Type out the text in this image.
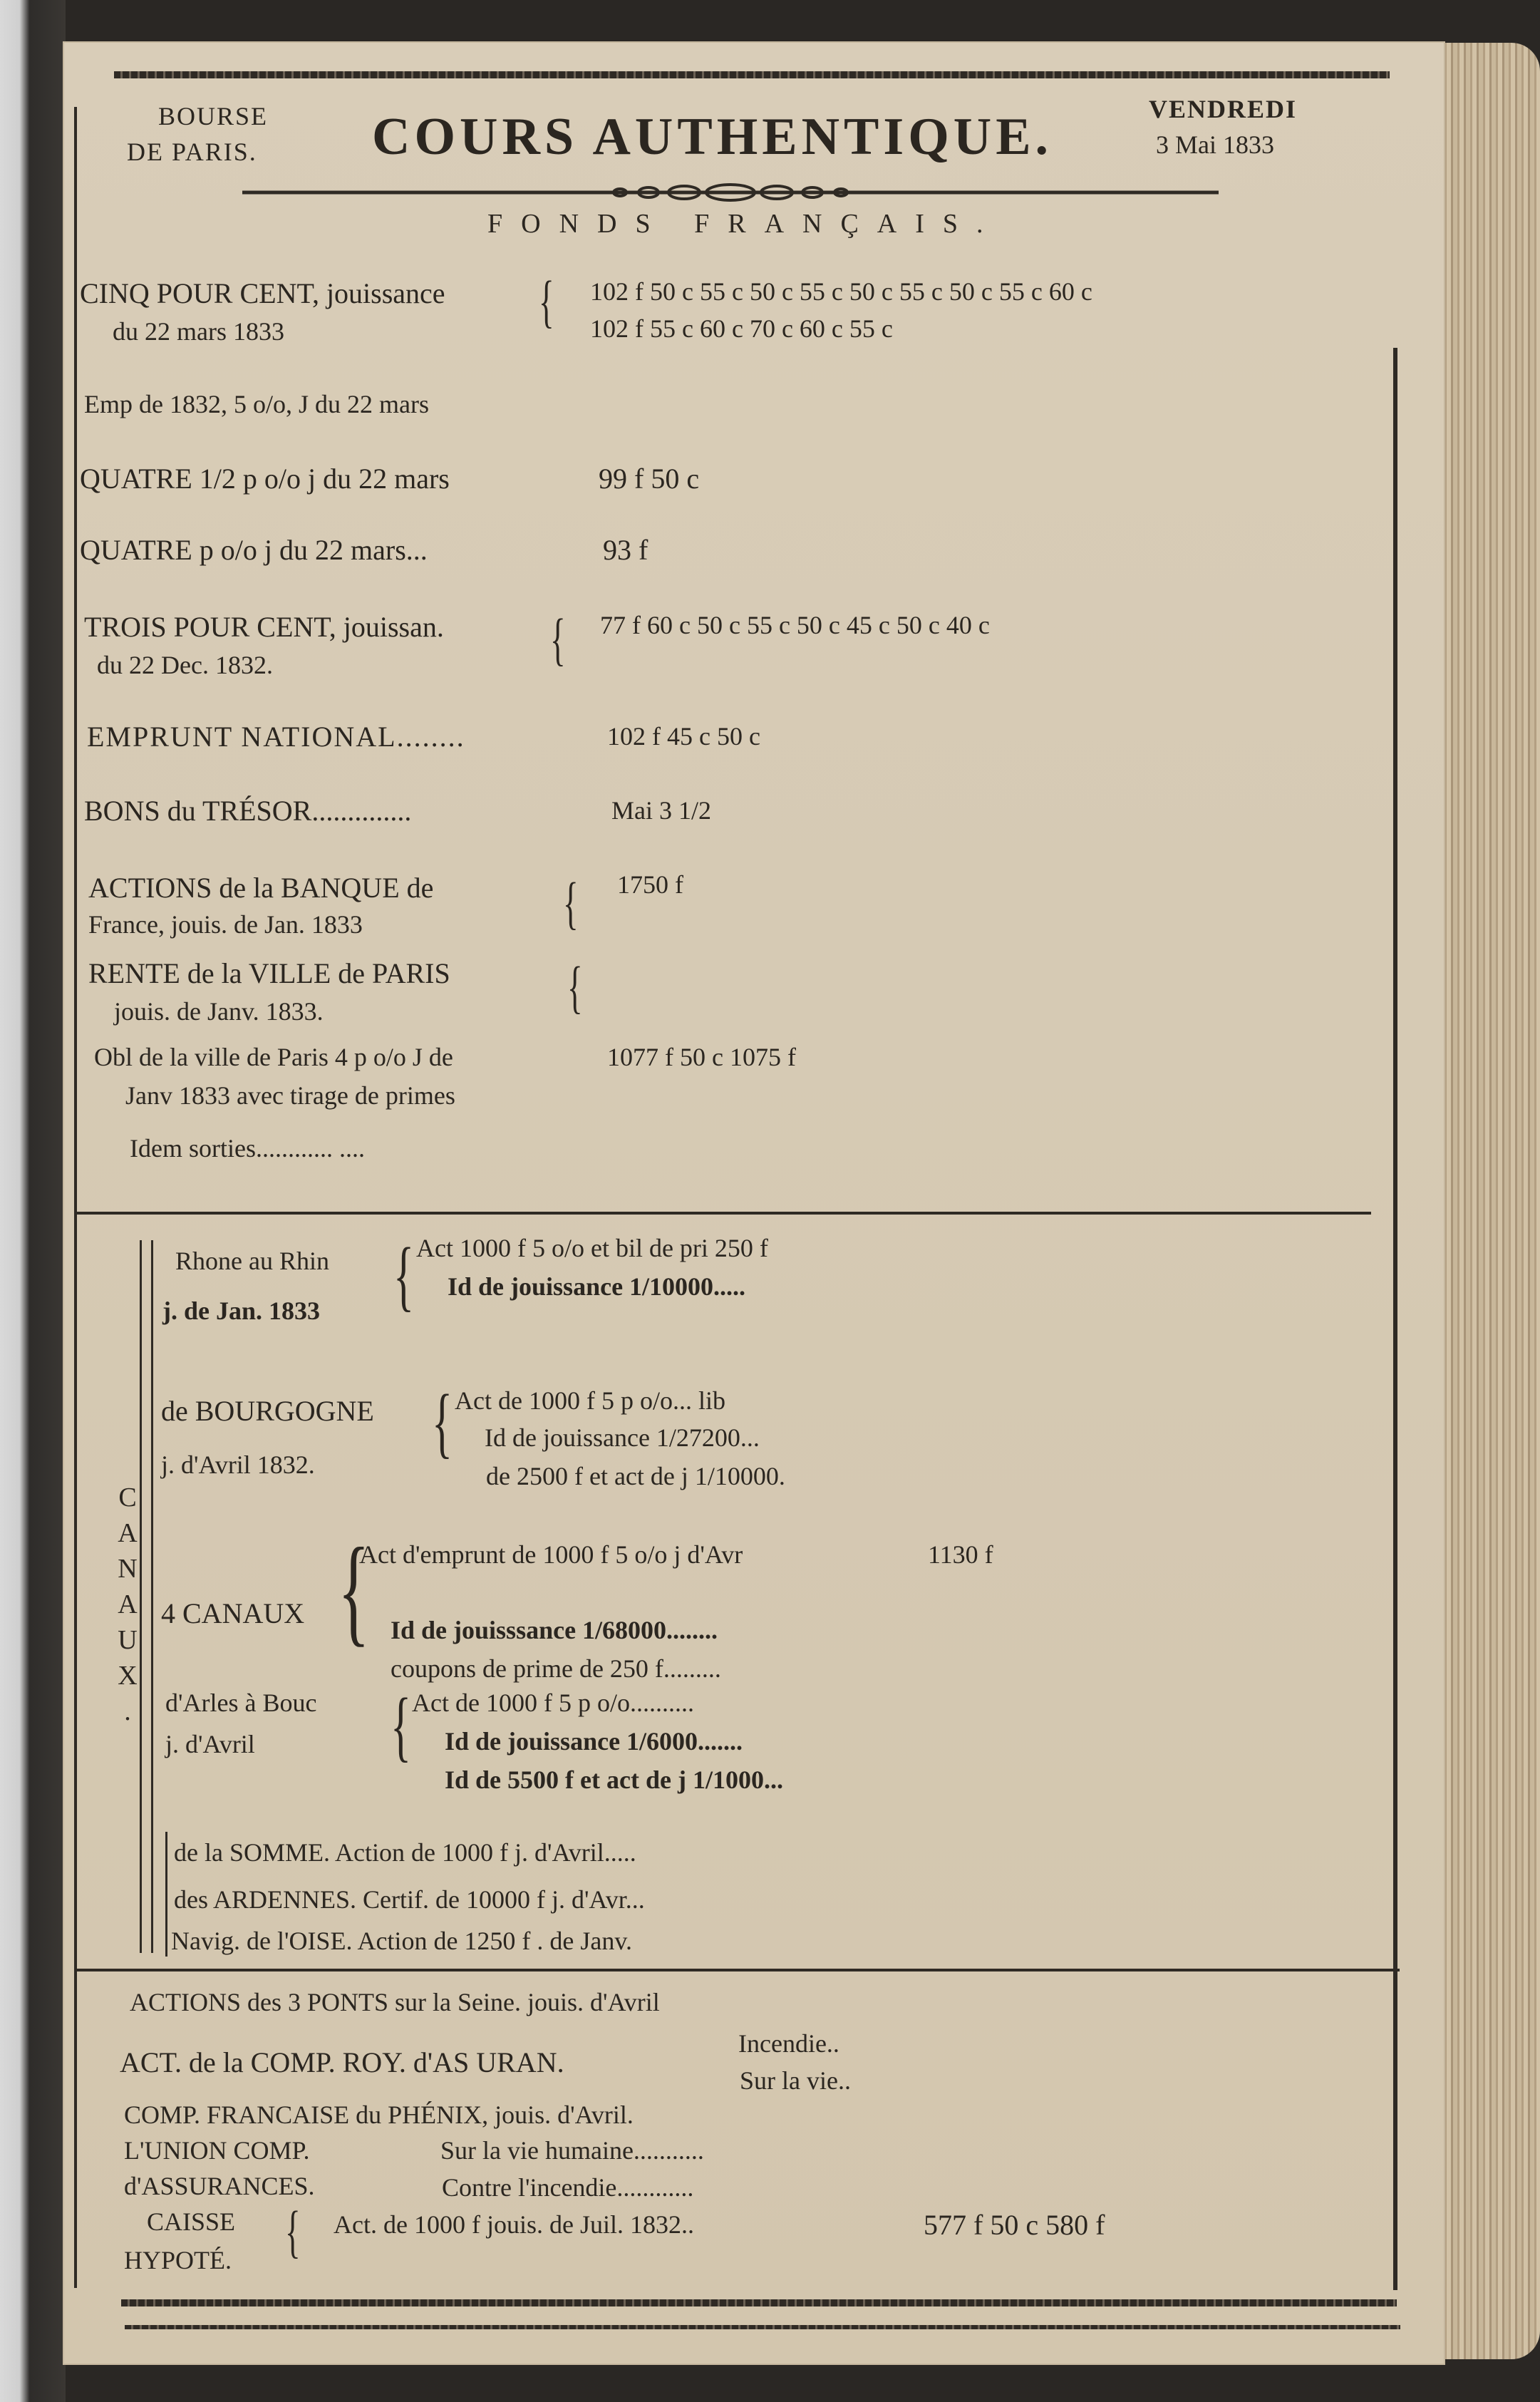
BOURSE
DE PARIS. COURS AUTHENTIQUE.	VENDREDI
3 Mai 1833
FONDS FRANÇAIS.
CINQ POUR CENT, jouissance
du 22 mars 1833	{ 102 f 50 c 55 c 50 c 55 c 50 c 55 c 50 c 55 c 60 c
102 f 55 c 60 c 70 c 60 c 55 c
Emp de 1832, 5 o/o, J du 22 mars
QUATRE 1/2 p o/o j du 22 mars	99 f 50 c
QUATRE p o/o j du 22 mars...	93 f
TROIS POUR CENT, jouissan.
du 22 Dec. 1832.	{ 77 f 60 c 50 c 55 c 50 c 45 c 50 c 40 c
EMPRUNT NATIONAL........	102 f 45 c 50 c
BONS du TRÉSOR..............	Mai 3 1/2
ACTIONS de la BANQUE de
France, jouis. de Jan. 1833	{ 1750 f
RENTE de la VILLE de PARIS
jouis. de Janv. 1833.	{
Obl de la ville de Paris 4 p o/o J de
Janv 1833 avec tirage de primes
1077 f 50 c 1075 f
Idem sorties............ ....
CANAUX.
Rhone au Rhin
j. de Jan. 1833 { Act 1000 f 5 o/o et bil de pri 250 f
Id de jouissance 1/10000.....
de BOURGOGNE
j. d'Avril 1832. { Act de 1000 f 5 p o/o... lib
Id de jouissance 1/27200...
de 2500 f et act de j 1/10000.
4 CANAUX {
Act d'emprunt de 1000 f 5 o/o j d'Avr	1130 f
Id de jouisssance 1/68000........
coupons de prime de 250 f.........
d'Arles à Bouc
j. d'Avril { Act de 1000 f 5 p o/o..........
Id de jouissance 1/6000.......
Id de 5500 f et act de j 1/1000...
de la SOMME. Action de 1000 f j. d'Avril.....
des ARDENNES. Certif. de 10000 f j. d'Avr...
Navig. de l'OISE. Action de 1250 f . de Janv.
ACTIONS des 3 PONTS sur la Seine. jouis. d'Avril
ACT. de la COMP. ROY. d'AS URAN.
Incendie..
Sur la vie..
COMP. FRANCAISE du PHÉNIX, jouis. d'Avril.
L'UNION COMP.
d'ASSURANCES.
Sur la vie humaine...........
Contre l'incendie............
CAISSE
HYPOTÉ. { Act. de 1000 f jouis. de Juil. 1832..	577 f 50 c 580 f
